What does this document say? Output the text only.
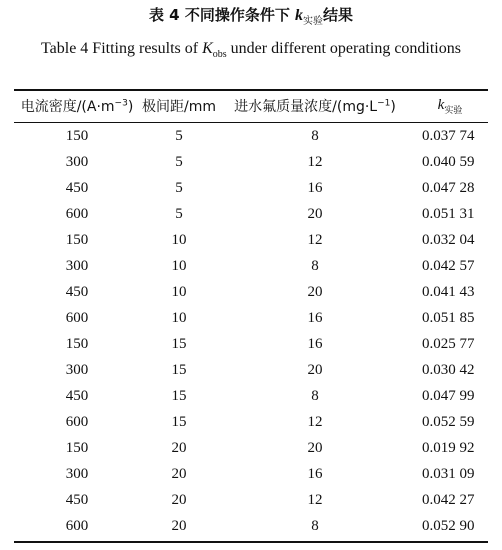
表 4 不同操作条件下 $k_{实验}$结果
Table 4 Fitting results of $K_{obs}$ under different operating conditions
电流密度$/(A\cdot m^{-3})$	极间距/mm	进水氟质量浓度$/(mg\cdot L^{-1})$	$k_{实验}$
150	5	8	0.037 74
300	5	12	0.040 59
450	5	16	0.047 28
600	5	20	0.051 31
150	10	12	0.032 04
300	10	8	0.042 57
450	10	20	0.041 43
600	10	16	0.051 85
150	15	16	0.025 77
300	15	20	0.030 42
450	15	8	0.047 99
600	15	12	0.052 59
150	20	20	0.019 92
300	20	16	0.031 09
450	20	12	0.042 27
600	20	8	0.052 90
